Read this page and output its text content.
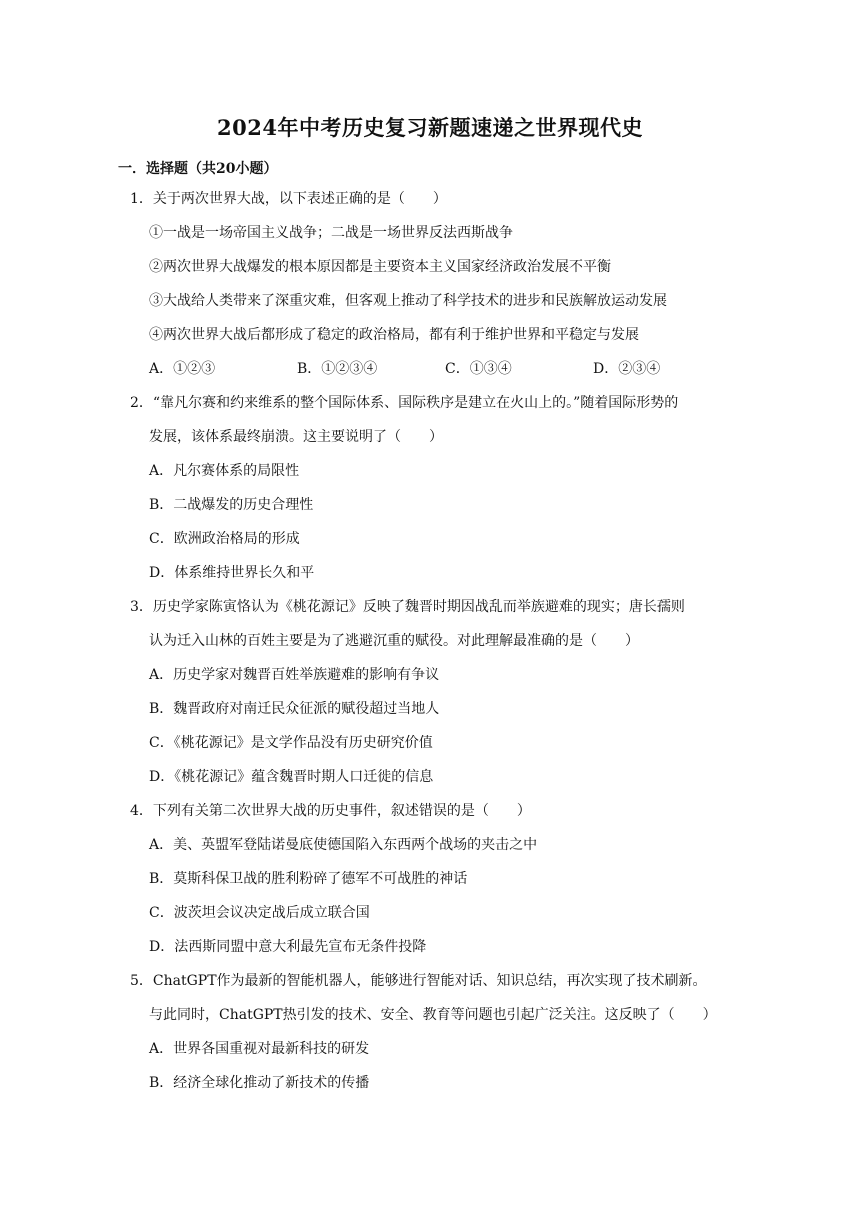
2024年中考历史复习新题速递之世界现代史
一．选择题（共20小题）
1．关于两次世界大战，以下表述正确的是（　　）
①一战是一场帝国主义战争；二战是一场世界反法西斯战争
②两次世界大战爆发的根本原因都是主要资本主义国家经济政治发展不平衡
③大战给人类带来了深重灾难，但客观上推动了科学技术的进步和民族解放运动发展
④两次世界大战后都形成了稳定的政治格局，都有利于维护世界和平稳定与发展
A．①②③	B．①②③④	C．①③④	D．②③④
2．“靠凡尔赛和约来维系的整个国际体系、国际秩序是建立在火山上的。”随着国际形势的
发展，该体系最终崩溃。这主要说明了（　　）
A．凡尔赛体系的局限性
B．二战爆发的历史合理性
C．欧洲政治格局的形成
D．体系维持世界长久和平
3．历史学家陈寅恪认为《桃花源记》反映了魏晋时期因战乱而举族避难的现实；唐长孺则
认为迁入山林的百姓主要是为了逃避沉重的赋役。对此理解最准确的是（　　）
A．历史学家对魏晋百姓举族避难的影响有争议
B．魏晋政府对南迁民众征派的赋役超过当地人
C．《桃花源记》是文学作品没有历史研究价值
D．《桃花源记》蕴含魏晋时期人口迁徙的信息
4．下列有关第二次世界大战的历史事件，叙述错误的是（　　）
A．美、英盟军登陆诺曼底使德国陷入东西两个战场的夹击之中
B．莫斯科保卫战的胜利粉碎了德军不可战胜的神话
C．波茨坦会议决定战后成立联合国
D．法西斯同盟中意大利最先宣布无条件投降
5．ChatGPT作为最新的智能机器人，能够进行智能对话、知识总结，再次实现了技术刷新。
与此同时，ChatGPT热引发的技术、安全、教育等问题也引起广泛关注。这反映了（　　）
A．世界各国重视对最新科技的研发
B．经济全球化推动了新技术的传播
